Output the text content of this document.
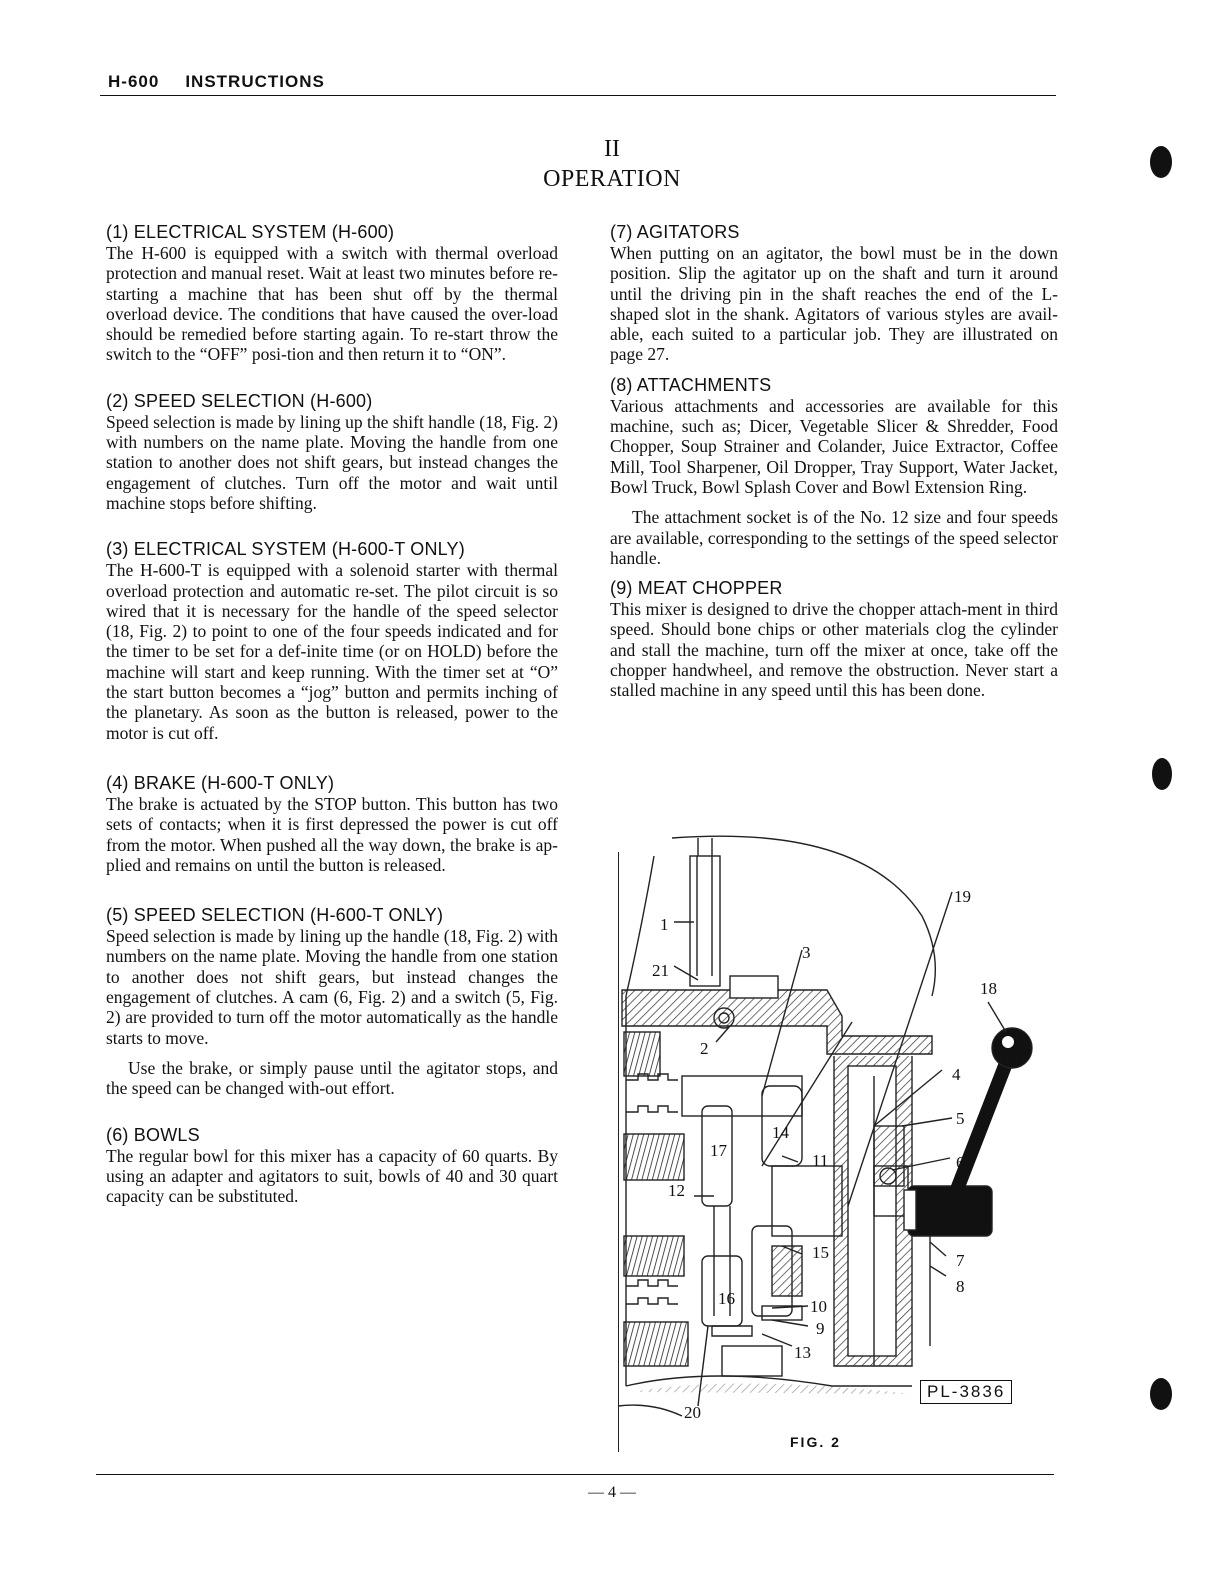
H-600 INSTRUCTIONS
II
OPERATION
(1) ELECTRICAL SYSTEM (H-600)

The H-600 is equipped with a switch with thermal overload protection and manual reset. Wait at least two minutes before re-starting a machine that has been shut off by the thermal overload device. The conditions that have caused the over-load should be remedied before starting again. To re-start throw the switch to the “OFF” posi-tion and then return it to “ON”.

(2) SPEED SELECTION (H-600)

Speed selection is made by lining up the shift handle (18, Fig. 2) with numbers on the name plate. Moving the handle from one station to another does not shift gears, but instead changes the engagement of clutches. Turn off the motor and wait until machine stops before shifting.

(3) ELECTRICAL SYSTEM (H-600-T ONLY)

The H-600-T is equipped with a solenoid starter with thermal overload protection and automatic re-set. The pilot circuit is so wired that it is necessary for the handle of the speed selector (18, Fig. 2) to point to one of the four speeds indicated and for the timer to be set for a def-inite time (or on HOLD) before the machine will start and keep running. With the timer set at “O” the start button becomes a “jog” button and permits inching of the planetary. As soon as the button is released, power to the motor is cut off.

(4) BRAKE (H-600-T ONLY)

The brake is actuated by the STOP button. This button has two sets of contacts; when it is first depressed the power is cut off from the motor. When pushed all the way down, the brake is ap-plied and remains on until the button is released.

(5) SPEED SELECTION (H-600-T ONLY)

Speed selection is made by lining up the handle (18, Fig. 2) with numbers on the name plate. Moving the handle from one station to another does not shift gears, but instead changes the engagement of clutches. A cam (6, Fig. 2) and a switch (5, Fig. 2) are provided to turn off the motor automatically as the handle starts to move.

Use the brake, or simply pause until the agitator stops, and the speed can be changed with-out effort.

(6) BOWLS

The regular bowl for this mixer has a capacity of 60 quarts. By using an adapter and agitators to suit, bowls of 40 and 30 quart capacity can be substituted.

(7) AGITATORS

When putting on an agitator, the bowl must be in the down position. Slip the agitator up on the shaft and turn it around until the driving pin in the shaft reaches the end of the L-shaped slot in the shank. Agitators of various styles are avail-able, each suited to a particular job. They are illustrated on page 27.

(8) ATTACHMENTS

Various attachments and accessories are available for this machine, such as; Dicer, Vegetable Slicer & Shredder, Food Chopper, Soup Strainer and Colander, Juice Extractor, Coffee Mill, Tool Sharpener, Oil Dropper, Tray Support, Water Jacket, Bowl Truck, Bowl Splash Cover and Bowl Extension Ring.

The attachment socket is of the No. 12 size and four speeds are available, corresponding to the settings of the speed selector handle.

(9) MEAT CHOPPER

This mixer is designed to drive the chopper attach-ment in third speed. Should bone chips or other materials clog the cylinder and stall the machine, turn off the mixer at once, take off the chopper handwheel, and remove the obstruction. Never start a stalled machine in any speed until this has been done.

1
2
3
4
5
6
7
8
9
10
11
12
13
14
15
16
17
18
19
20
21
PL-3836
FIG. 2
— 4 —
